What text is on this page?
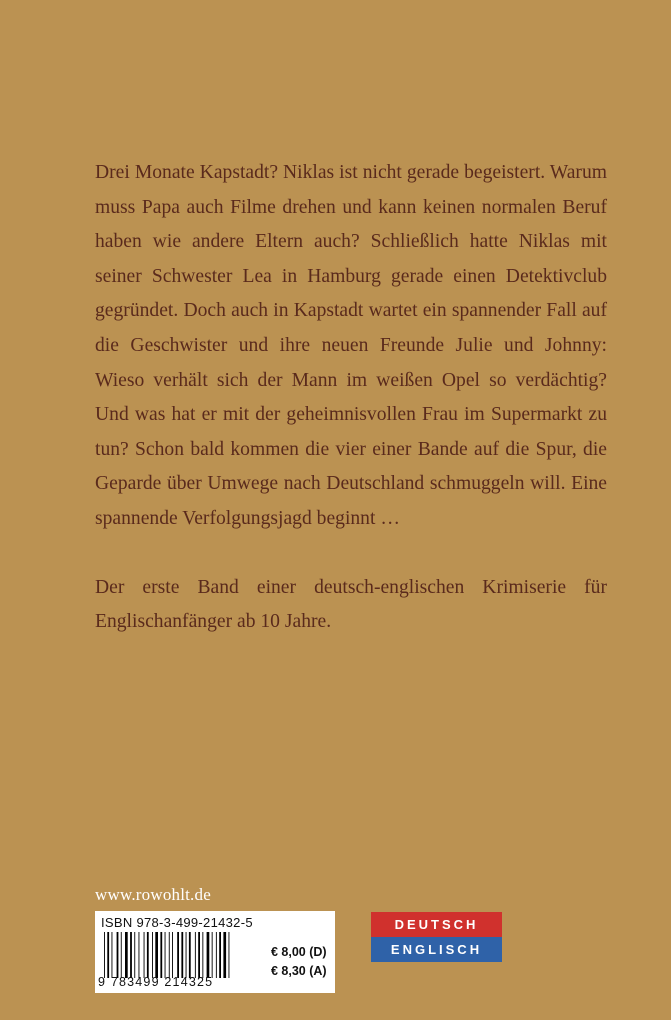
Drei Monate Kapstadt? Niklas ist nicht gerade begeistert. Warum muss Papa auch Filme drehen und kann keinen normalen Beruf haben wie andere Eltern auch? Schließlich hatte Niklas mit seiner Schwester Lea in Hamburg gerade einen Detektivclub gegründet. Doch auch in Kapstadt wartet ein spannender Fall auf die Geschwister und ihre neuen Freunde Julie und Johnny: Wieso verhält sich der Mann im weißen Opel so verdächtig? Und was hat er mit der geheimnisvollen Frau im Supermarkt zu tun? Schon bald kommen die vier einer Bande auf die Spur, die Geparde über Umwege nach Deutschland schmuggeln will. Eine spannende Verfolgungsjagd beginnt …

Der erste Band einer deutsch-englischen Krimiserie für Englischanfänger ab 10 Jahre.

www.rowohlt.de
ISBN 978-3-499-21432-5
9 783499 214325
€ 8,00 (D)
€ 8,30 (A)
DEUTSCH
ENGLISCH
